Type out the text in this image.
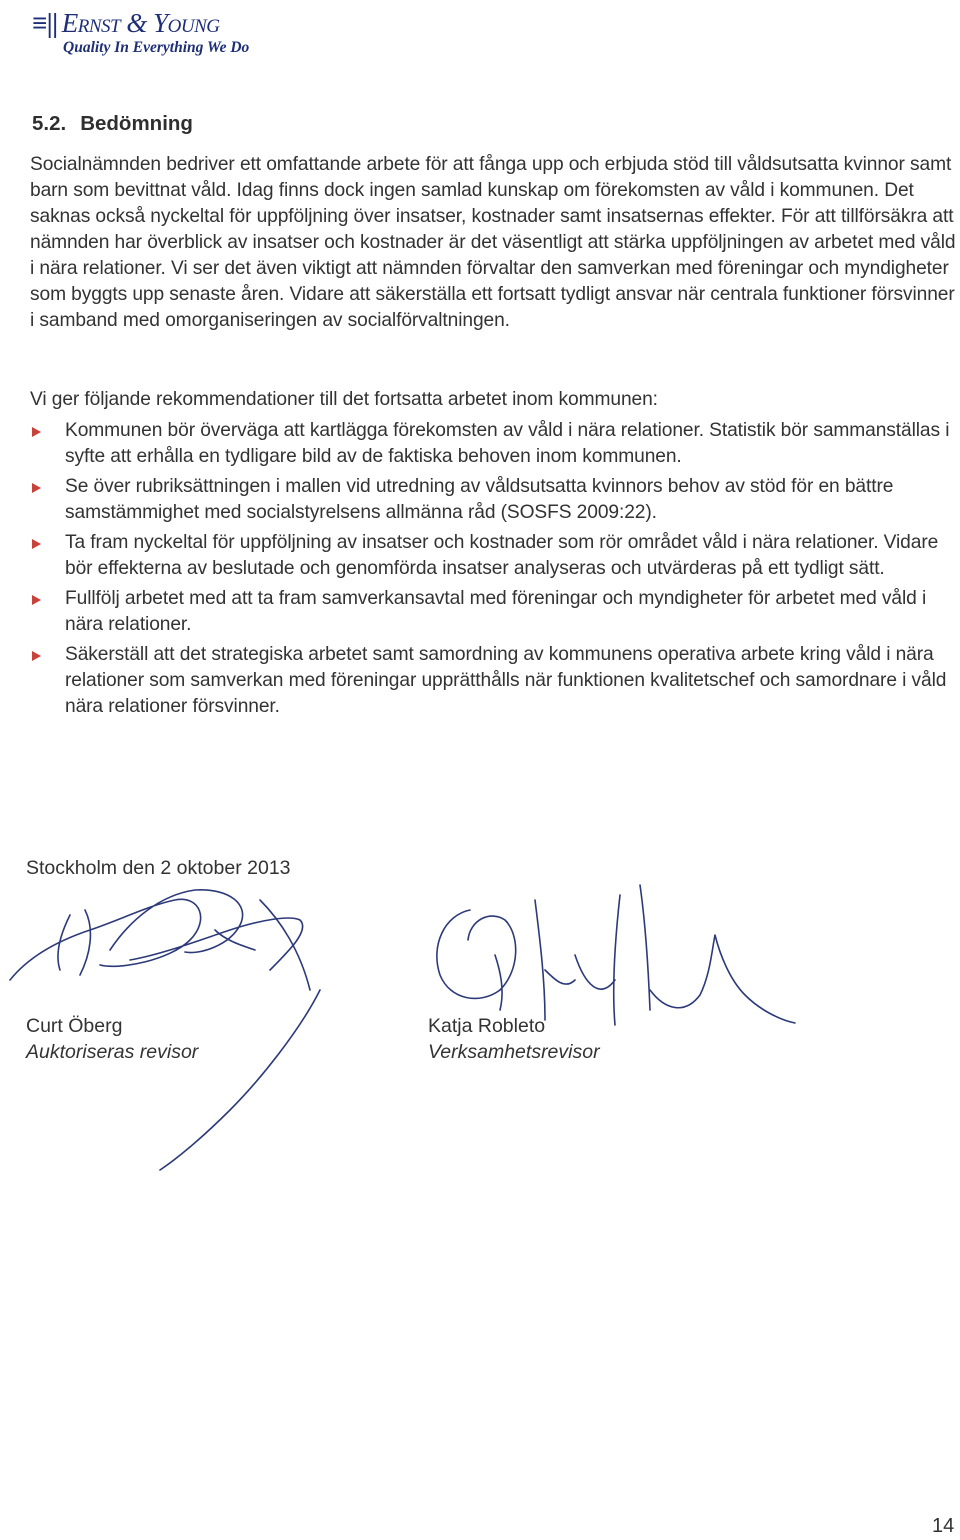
≡|| Ernst & Young
Quality In Everything We Do
5.2. Bedömning

Socialnämnden bedriver ett omfattande arbete för att fånga upp och erbjuda stöd till våldsutsatta kvinnor samt barn som bevittnat våld. Idag finns dock ingen samlad kunskap om förekomsten av våld i kommunen. Det saknas också nyckeltal för uppföljning över insatser, kostnader samt insatsernas effekter. För att tillförsäkra att nämnden har överblick av insatser och kostnader är det väsentligt att stärka uppföljningen av arbetet med våld i nära relationer. Vi ser det även viktigt att nämnden förvaltar den samverkan med föreningar och myndigheter som byggts upp senaste åren. Vidare att säkerställa ett fortsatt tydligt ansvar när centrala funktioner försvinner i samband med omorganiseringen av socialförvaltningen.

Vi ger följande rekommendationer till det fortsatta arbetet inom kommunen:

Kommunen bör överväga att kartlägga förekomsten av våld i nära relationer. Statistik bör sammanställas i syfte att erhålla en tydligare bild av de faktiska behoven inom kommunen.
Se över rubriksättningen i mallen vid utredning av våldsutsatta kvinnors behov av stöd för en bättre samstämmighet med socialstyrelsens allmänna råd (SOSFS 2009:22).
Ta fram nyckeltal för uppföljning av insatser och kostnader som rör området våld i nära relationer. Vidare bör effekterna av beslutade och genomförda insatser analyseras och utvärderas på ett tydligt sätt.
Fullfölj arbetet med att ta fram samverkansavtal med föreningar och myndigheter för arbetet med våld i nära relationer.
Säkerställ att det strategiska arbetet samt samordning av kommunens operativa arbete kring våld i nära relationer som samverkan med föreningar upprätthålls när funktionen kvalitetschef och samordnare i våld nära relationer försvinner.

Stockholm den 2 oktober 2013

Curt Öberg
Auktoriseras revisor
Katja Robleto
Verksamhetsrevisor

14
